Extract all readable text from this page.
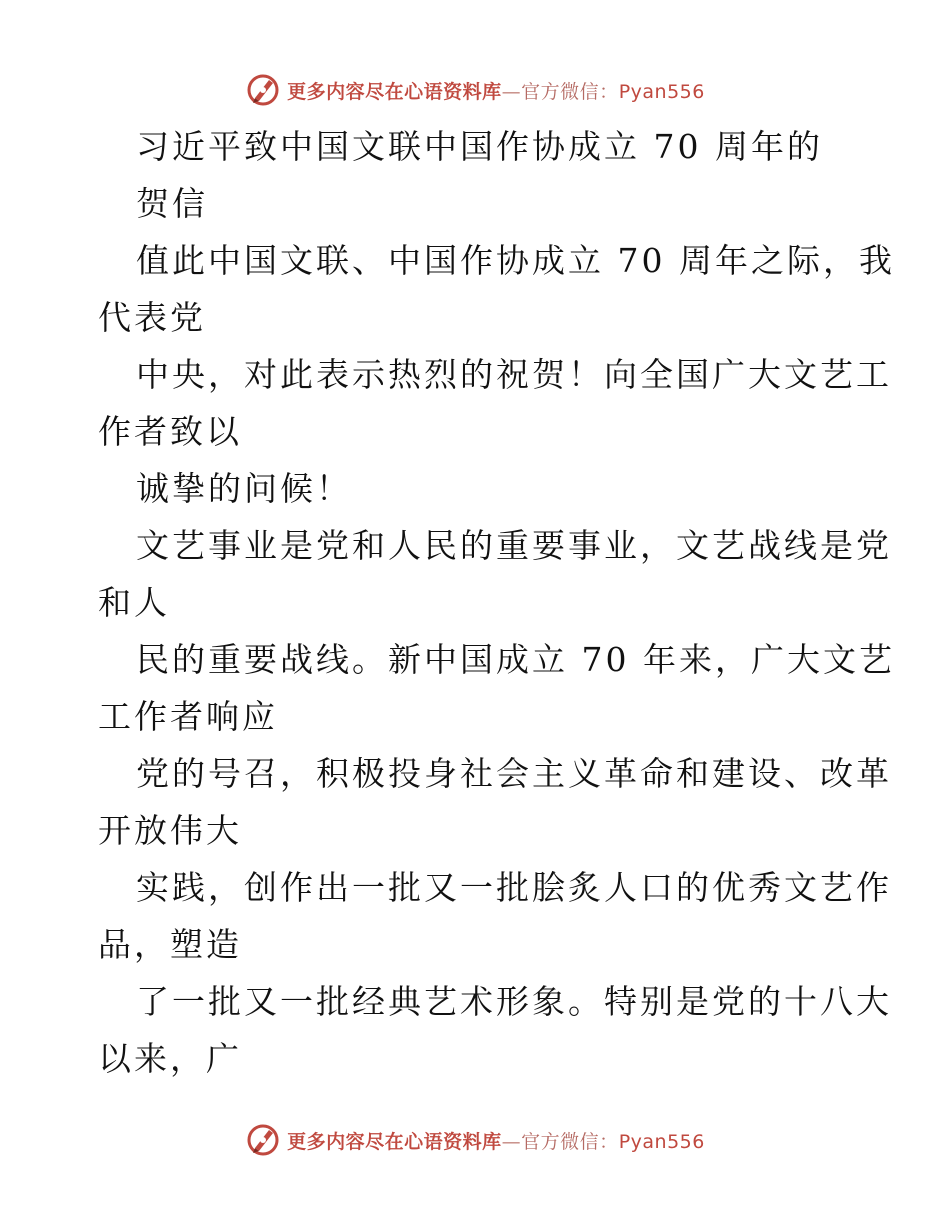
更多内容尽在心语资料库—官方微信：Pyan556
习近平致中国文联中国作协成立 70 周年的
贺信
值此中国文联、中国作协成立 70 周年之际，我
代表党
中央，对此表示热烈的祝贺！向全国广大文艺工
作者致以
诚挚的问候！
文艺事业是党和人民的重要事业，文艺战线是党
和人
民的重要战线。新中国成立 70 年来，广大文艺
工作者响应
党的号召，积极投身社会主义革命和建设、改革
开放伟大
实践，创作出一批又一批脍炙人口的优秀文艺作
品，塑造
了一批又一批经典艺术形象。特别是党的十八大
以来，广
更多内容尽在心语资料库—官方微信：Pyan556
